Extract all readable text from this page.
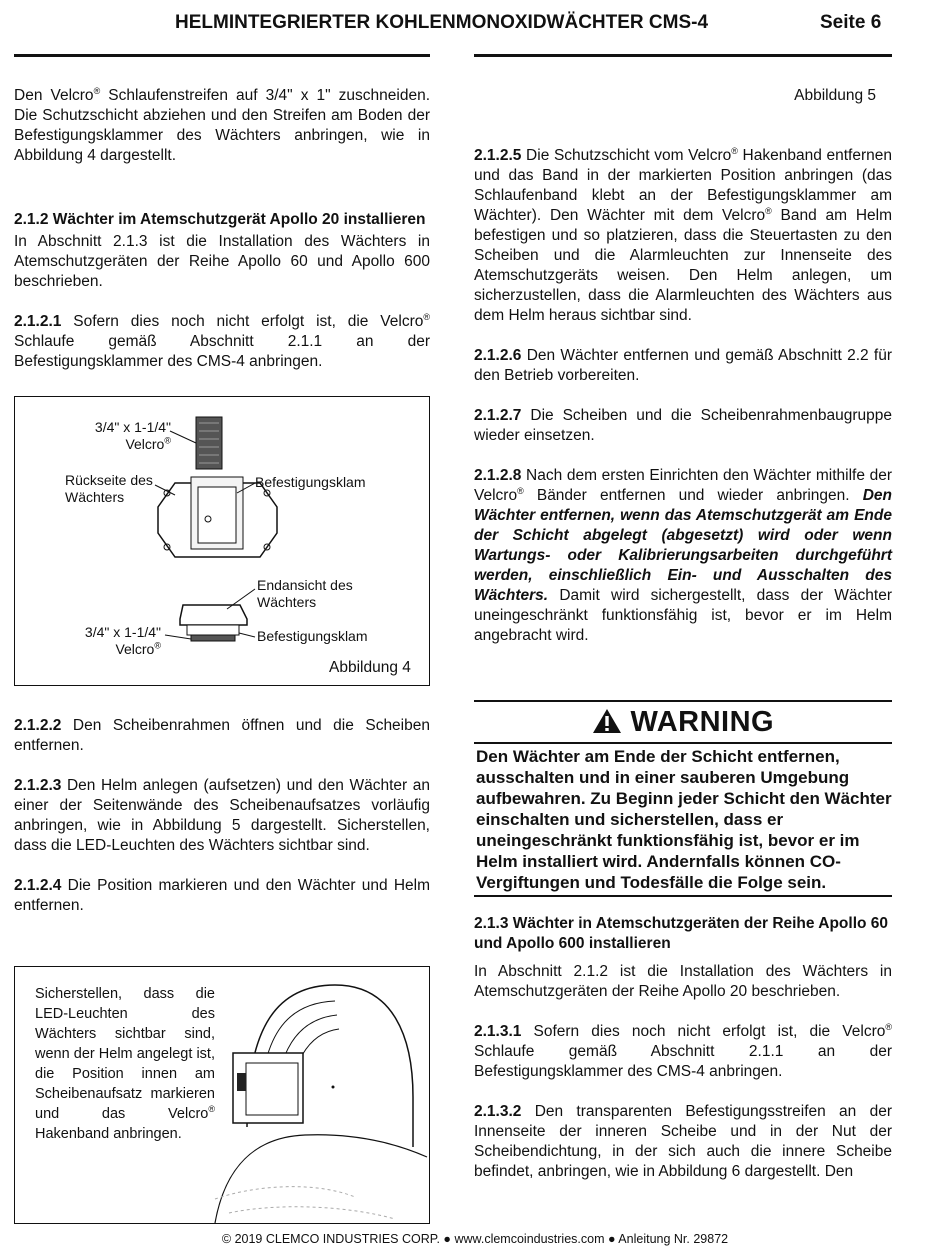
HELMINTEGRIERTER KOHLENMONOXIDWÄCHTER CMS-4	Seite 6

Den Velcro® Schlaufenstreifen auf 3/4" x 1" zuschneiden. Die Schutzschicht abziehen und den Streifen am Boden der Befestigungsklammer des Wächters anbringen, wie in Abbildung 4 dargestellt.

2.1.2 Wächter im Atemschutzgerät Apollo 20 installieren

In Abschnitt 2.1.3 ist die Installation des Wächters in Atemschutzgeräten der Reihe Apollo 60 und Apollo 600 beschrieben.

2.1.2.1 Sofern dies noch nicht erfolgt ist, die Velcro® Schlaufe gemäß Abschnitt 2.1.1 an der Befestigungsklammer des CMS-4 anbringen.

3/4" x 1-1/4"
Velcro®
Rückseite des
Wächters
Befestigungsklam
Endansicht des
Wächters
3/4" x 1-1/4"
Velcro®
Befestigungsklam
Abbildung 4

2.1.2.2 Den Scheibenrahmen öffnen und die Scheiben entfernen.

2.1.2.3 Den Helm anlegen (aufsetzen) und den Wächter an einer der Seitenwände des Scheibenaufsatzes vorläufig anbringen, wie in Abbildung 5 dargestellt. Sicherstellen, dass die LED-Leuchten des Wächters sichtbar sind.

2.1.2.4 Die Position markieren und den Wächter und Helm entfernen.

Sicherstellen, dass die LED-Leuchten des Wächters sichtbar sind, wenn der Helm angelegt ist, die Position innen am Scheibenaufsatz markieren und das Velcro® Hakenband anbringen.
Abbildung 5

2.1.2.5 Die Schutzschicht vom Velcro® Hakenband entfernen und das Band in der markierten Position anbringen (das Schlaufenband klebt an der Befestigungsklammer am Wächter). Den Wächter mit dem Velcro® Band am Helm befestigen und so platzieren, dass die Steuertasten zu den Scheiben und die Alarmleuchten zur Innenseite des Atemschutzgeräts weisen. Den Helm anlegen, um sicherzustellen, dass die Alarmleuchten des Wächters aus dem Helm heraus sichtbar sind.

2.1.2.6 Den Wächter entfernen und gemäß Abschnitt 2.2 für den Betrieb vorbereiten.

2.1.2.7 Die Scheiben und die Scheibenrahmenbaugruppe wieder einsetzen.

2.1.2.8 Nach dem ersten Einrichten den Wächter mithilfe der Velcro® Bänder entfernen und wieder anbringen. Den Wächter entfernen, wenn das Atemschutzgerät am Ende der Schicht abgelegt (abgesetzt) wird oder wenn Wartungs- oder Kalibrierungsarbeiten durchgeführt werden, einschließlich Ein- und Ausschalten des Wächters. Damit wird sichergestellt, dass der Wächter uneingeschränkt funktionsfähig ist, bevor er im Helm angebracht wird.

WARNING
Den Wächter am Ende der Schicht entfernen, ausschalten und in einer sauberen Umgebung aufbewahren. Zu Beginn jeder Schicht den Wächter einschalten und sicherstellen, dass er uneingeschränkt funktionsfähig ist, bevor er im Helm installiert wird. Andernfalls können CO-Vergiftungen und Todesfälle die Folge sein.
2.1.3 Wächter in Atemschutzgeräten der Reihe Apollo 60 und Apollo 600 installieren

In Abschnitt 2.1.2 ist die Installation des Wächters in Atemschutzgeräten der Reihe Apollo 20 beschrieben.

2.1.3.1 Sofern dies noch nicht erfolgt ist, die Velcro® Schlaufe gemäß Abschnitt 2.1.1 an der Befestigungsklammer des CMS-4 anbringen.

2.1.3.2 Den transparenten Befestigungsstreifen an der Innenseite der inneren Scheibe und in der Nut der Scheibendichtung, in der sich auch die innere Scheibe befindet, anbringen, wie in Abbildung 6 dargestellt. Den

© 2019 CLEMCO INDUSTRIES CORP. ● www.clemcoindustries.com ● Anleitung Nr. 29872
